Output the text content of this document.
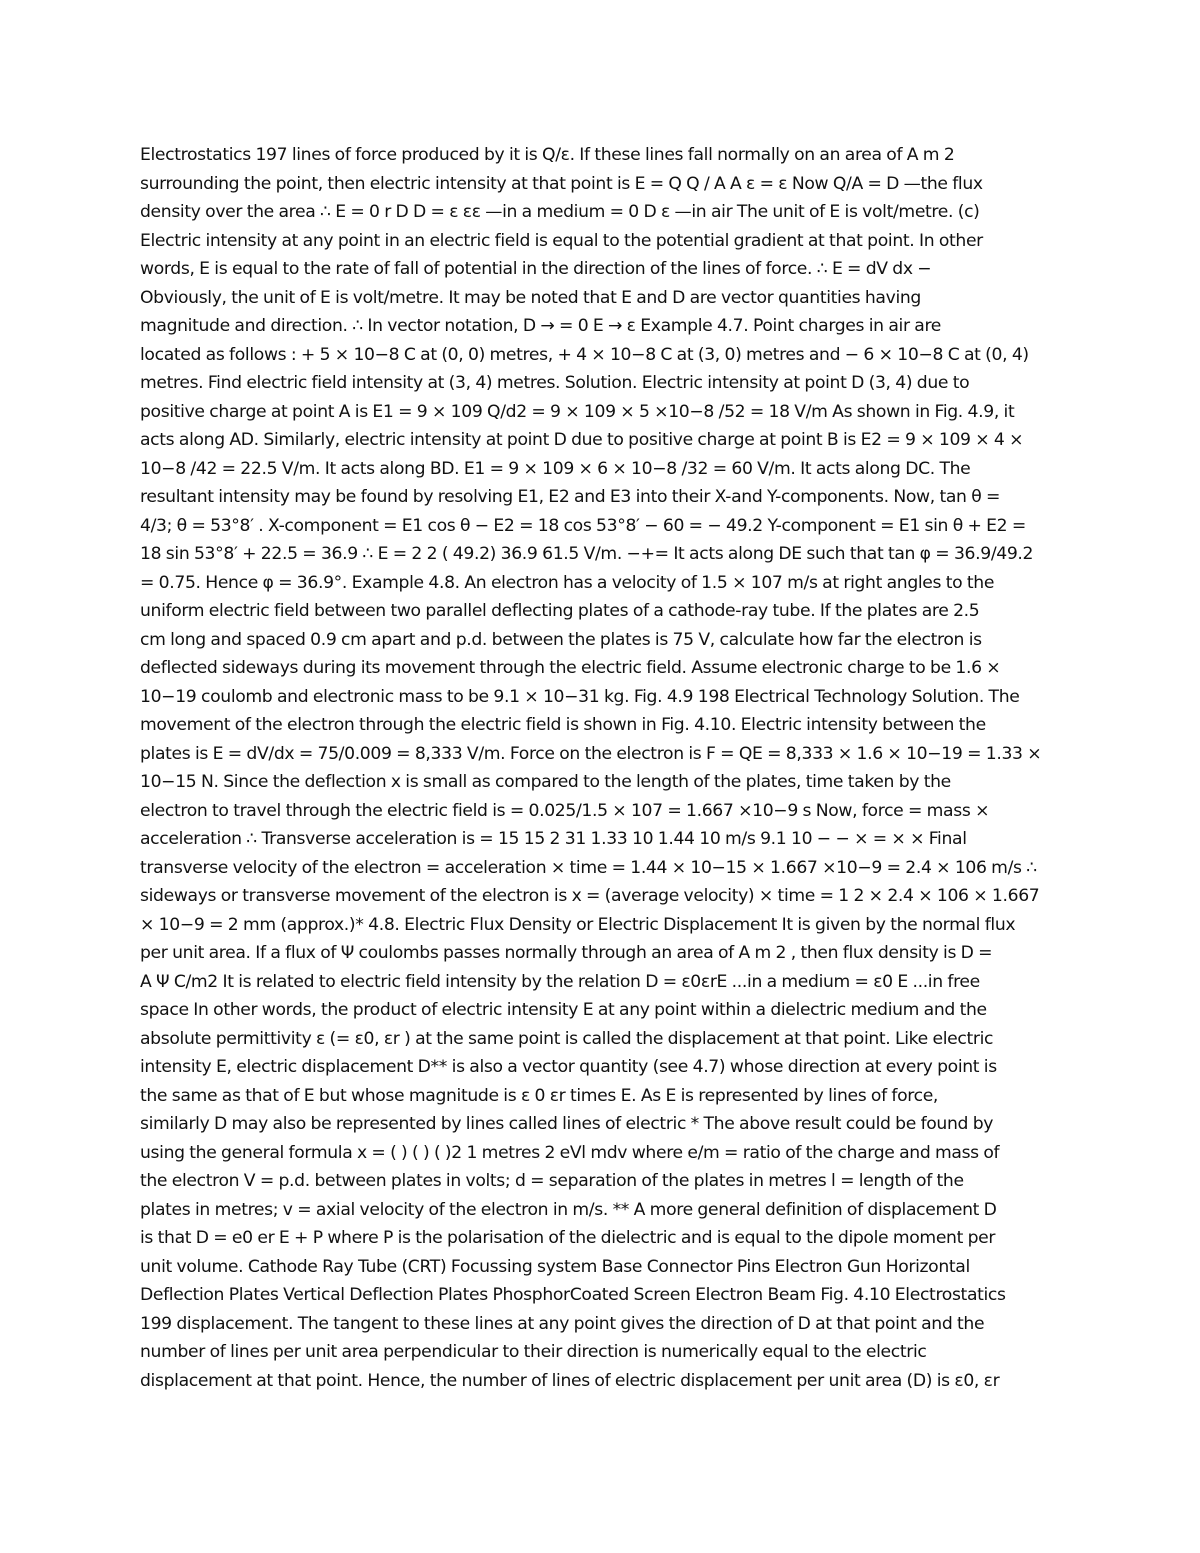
Electrostatics 197 lines of force produced by it is Q/ε. If these lines fall normally on an area of A m 2
surrounding the point, then electric intensity at that point is E = Q Q / A A ε = ε Now Q/A = D —the flux
density over the area ∴ E = 0 r D D = ε εε —in a medium = 0 D ε —in air The unit of E is volt/metre. (c)
Electric intensity at any point in an electric field is equal to the potential gradient at that point. In other
words, E is equal to the rate of fall of potential in the direction of the lines of force. ∴ E = dV dx −
Obviously, the unit of E is volt/metre. It may be noted that E and D are vector quantities having
magnitude and direction. ∴ In vector notation, D → = 0 E → ε Example 4.7. Point charges in air are
located as follows : + 5 × 10−8 C at (0, 0) metres, + 4 × 10−8 C at (3, 0) metres and − 6 × 10−8 C at (0, 4)
metres. Find electric field intensity at (3, 4) metres. Solution. Electric intensity at point D (3, 4) due to
positive charge at point A is E1 = 9 × 109 Q/d2 = 9 × 109 × 5 ×10−8 /52 = 18 V/m As shown in Fig. 4.9, it
acts along AD. Similarly, electric intensity at point D due to positive charge at point B is E2 = 9 × 109 × 4 ×
10−8 /42 = 22.5 V/m. It acts along BD. E1 = 9 × 109 × 6 × 10−8 /32 = 60 V/m. It acts along DC. The
resultant intensity may be found by resolving E1, E2 and E3 into their X-and Y-components. Now, tan θ =
4/3; θ = 53°8′ . X-component = E1 cos θ − E2 = 18 cos 53°8′ − 60 = − 49.2 Y-component = E1 sin θ + E2 =
18 sin 53°8′ + 22.5 = 36.9 ∴ E = 2 2 ( 49.2) 36.9 61.5 V/m. −+= It acts along DE such that tan φ = 36.9/49.2
= 0.75. Hence φ = 36.9°. Example 4.8. An electron has a velocity of 1.5 × 107 m/s at right angles to the
uniform electric field between two parallel deflecting plates of a cathode-ray tube. If the plates are 2.5
cm long and spaced 0.9 cm apart and p.d. between the plates is 75 V, calculate how far the electron is
deflected sideways during its movement through the electric field. Assume electronic charge to be 1.6 ×
10−19 coulomb and electronic mass to be 9.1 × 10−31 kg. Fig. 4.9 198 Electrical Technology Solution. The
movement of the electron through the electric field is shown in Fig. 4.10. Electric intensity between the
plates is E = dV/dx = 75/0.009 = 8,333 V/m. Force on the electron is F = QE = 8,333 × 1.6 × 10−19 = 1.33 ×
10−15 N. Since the deflection x is small as compared to the length of the plates, time taken by the
electron to travel through the electric field is = 0.025/1.5 × 107 = 1.667 ×10−9 s Now, force = mass ×
acceleration ∴ Transverse acceleration is = 15 15 2 31 1.33 10 1.44 10 m/s 9.1 10 − − × = × × Final
transverse velocity of the electron = acceleration × time = 1.44 × 10−15 × 1.667 ×10−9 = 2.4 × 106 m/s ∴
sideways or transverse movement of the electron is x = (average velocity) × time = 1 2 × 2.4 × 106 × 1.667
× 10−9 = 2 mm (approx.)* 4.8. Electric Flux Density or Electric Displacement It is given by the normal flux
per unit area. If a flux of Ψ coulombs passes normally through an area of A m 2 , then flux density is D =
A Ψ C/m2 It is related to electric field intensity by the relation D = ε0εrE ...in a medium = ε0 E ...in free
space In other words, the product of electric intensity E at any point within a dielectric medium and the
absolute permittivity ε (= ε0, εr ) at the same point is called the displacement at that point. Like electric
intensity E, electric displacement D** is also a vector quantity (see 4.7) whose direction at every point is
the same as that of E but whose magnitude is ε 0 εr times E. As E is represented by lines of force,
similarly D may also be represented by lines called lines of electric * The above result could be found by
using the general formula x = ( ) ( ) ( )2 1 metres 2 eVl mdv where e/m = ratio of the charge and mass of
the electron V = p.d. between plates in volts; d = separation of the plates in metres l = length of the
plates in metres; v = axial velocity of the electron in m/s. ** A more general definition of displacement D
is that D = e0 er E + P where P is the polarisation of the dielectric and is equal to the dipole moment per
unit volume. Cathode Ray Tube (CRT) Focussing system Base Connector Pins Electron Gun Horizontal
Deflection Plates Vertical Deflection Plates PhosphorCoated Screen Electron Beam Fig. 4.10 Electrostatics
199 displacement. The tangent to these lines at any point gives the direction of D at that point and the
number of lines per unit area perpendicular to their direction is numerically equal to the electric
displacement at that point. Hence, the number of lines of electric displacement per unit area (D) is ε0, εr
